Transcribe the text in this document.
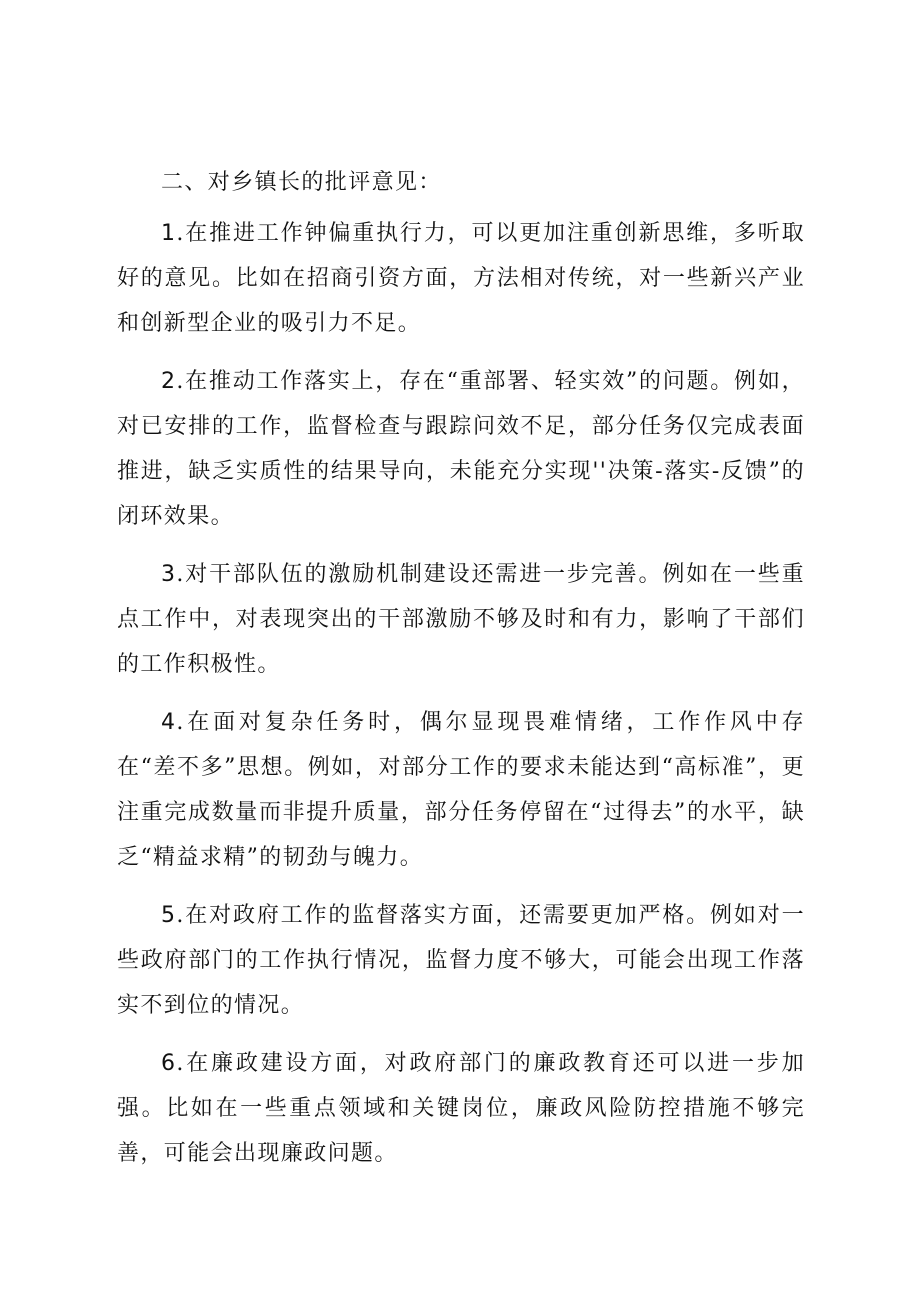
二、对乡镇长的批评意见：

1.在推进工作钟偏重执行力，可以更加注重创新思维，多听取好的意见。比如在招商引资方面，方法相对传统，对一些新兴产业和创新型企业的吸引力不足。

2.在推动工作落实上，存在“重部署、轻实效”的问题。例如，对已安排的工作，监督检查与跟踪问效不足，部分任务仅完成表面推进，缺乏实质性的结果导向，未能充分实现''决策-落实-反馈”的闭环效果。

3.对干部队伍的激励机制建设还需进一步完善。例如在一些重点工作中，对表现突出的干部激励不够及时和有力，影响了干部们的工作积极性。

4.在面对复杂任务时，偶尔显现畏难情绪，工作作风中存在“差不多”思想。例如，对部分工作的要求未能达到“高标准”，更注重完成数量而非提升质量，部分任务停留在“过得去”的水平，缺乏“精益求精”的韧劲与魄力。

5.在对政府工作的监督落实方面，还需要更加严格。例如对一些政府部门的工作执行情况，监督力度不够大，可能会出现工作落实不到位的情况。

6.在廉政建设方面，对政府部门的廉政教育还可以进一步加强。比如在一些重点领域和关键岗位，廉政风险防控措施不够完善，可能会出现廉政问题。
